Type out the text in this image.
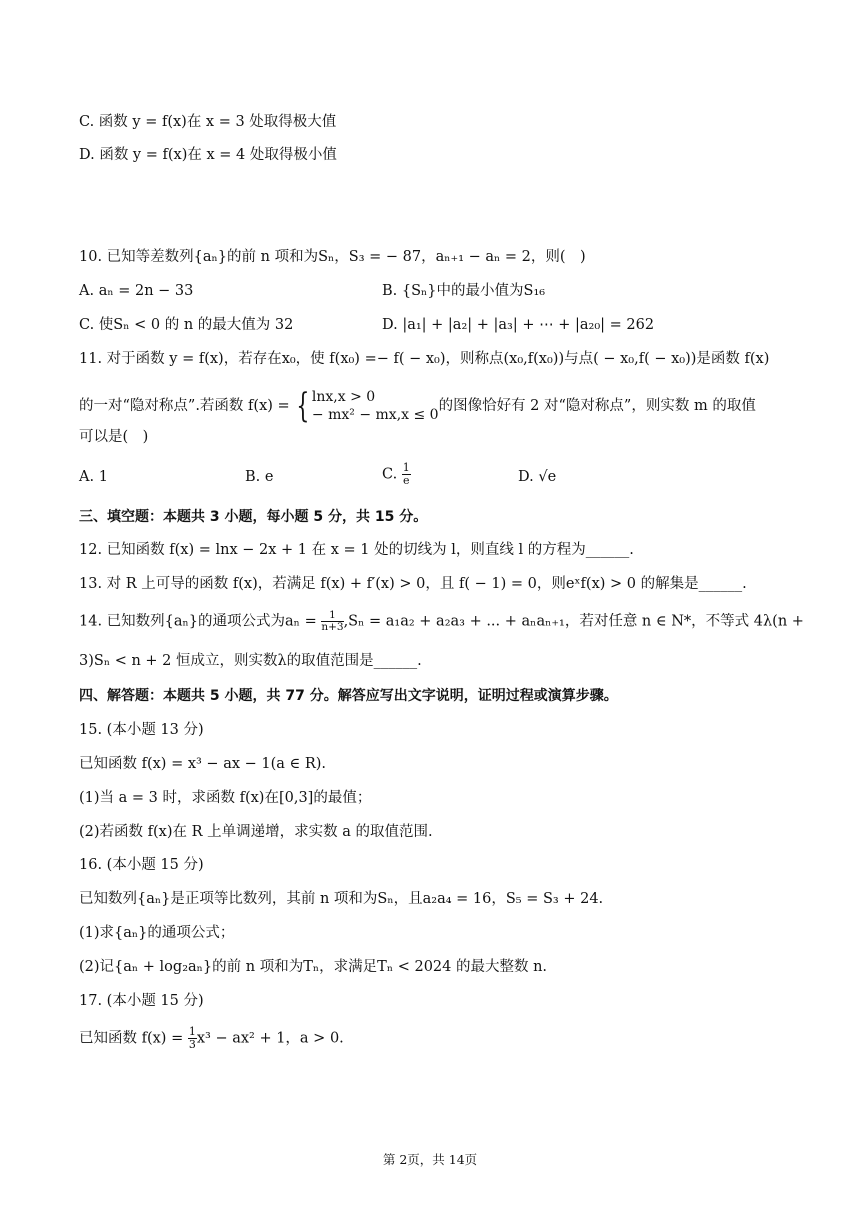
C. 函数 y = f(x)在 x = 3 处取得极大值
D. 函数 y = f(x)在 x = 4 处取得极小值
10. 已知等差数列{aₙ}的前 n 项和为Sₙ，S₃ = − 87，aₙ₊₁ − aₙ = 2，则(　)
A. aₙ = 2n − 33	B. {Sₙ}中的最小值为S₁₆
C. 使Sₙ < 0 的 n 的最大值为 32	D. |a₁| + |a₂| + |a₃| + ⋯ + |a₂₀| = 262
11. 对于函数 y = f(x)，若存在x₀，使 f(x₀) =− f( − x₀)，则称点(x₀,f(x₀))与点( − x₀,f( − x₀))是函数 f(x)
的一对“隐对称点”.若函数 f(x) = { lnx,x > 0
− mx² − mx,x ≤ 0
的图像恰好有 2 对“隐对称点”，则实数 m 的取值
可以是(　)
A. 1	B. e	C. $\frac{1}{e}$	D. √e
三、填空题：本题共 3 小题，每小题 5 分，共 15 分。
12. 已知函数 f(x) = lnx − 2x + 1 在 x = 1 处的切线为 l，则直线 l 的方程为______.
13. 对 R 上可导的函数 f(x)，若满足 f(x) + f′(x) > 0，且 f( − 1) = 0，则eˣf(x) > 0 的解集是______.
14. 已知数列{aₙ}的通项公式为$a_n = \frac{1}{n+3} ,S_n = a_1a_2 + a_2a_3$ + ... + aₙaₙ₊₁，若对任意 n ∈ N*，不等式 4λ(n +
3)Sₙ < n + 2 恒成立，则实数λ的取值范围是______.
四、解答题：本题共 5 小题，共 77 分。解答应写出文字说明，证明过程或演算步骤。
15. (本小题 13 分)
已知函数 f(x) = x³ − ax − 1(a ∈ R).
(1)当 a = 3 时，求函数 f(x)在[0,3]的最值；
(2)若函数 f(x)在 R 上单调递增，求实数 a 的取值范围.
16. (本小题 15 分)
已知数列{aₙ}是正项等比数列，其前 n 项和为Sₙ，且a₂a₄ = 16，S₅ = S₃ + 24.
(1)求{aₙ}的通项公式；
(2)记{aₙ + log₂aₙ}的前 n 项和为Tₙ，求满足Tₙ < 2024 的最大整数 n.
17. (本小题 15 分)
已知函数 $f(x) = \frac{1}{3} x^3 - ax^2 + 1$，a > 0.
第 2页，共 14页
